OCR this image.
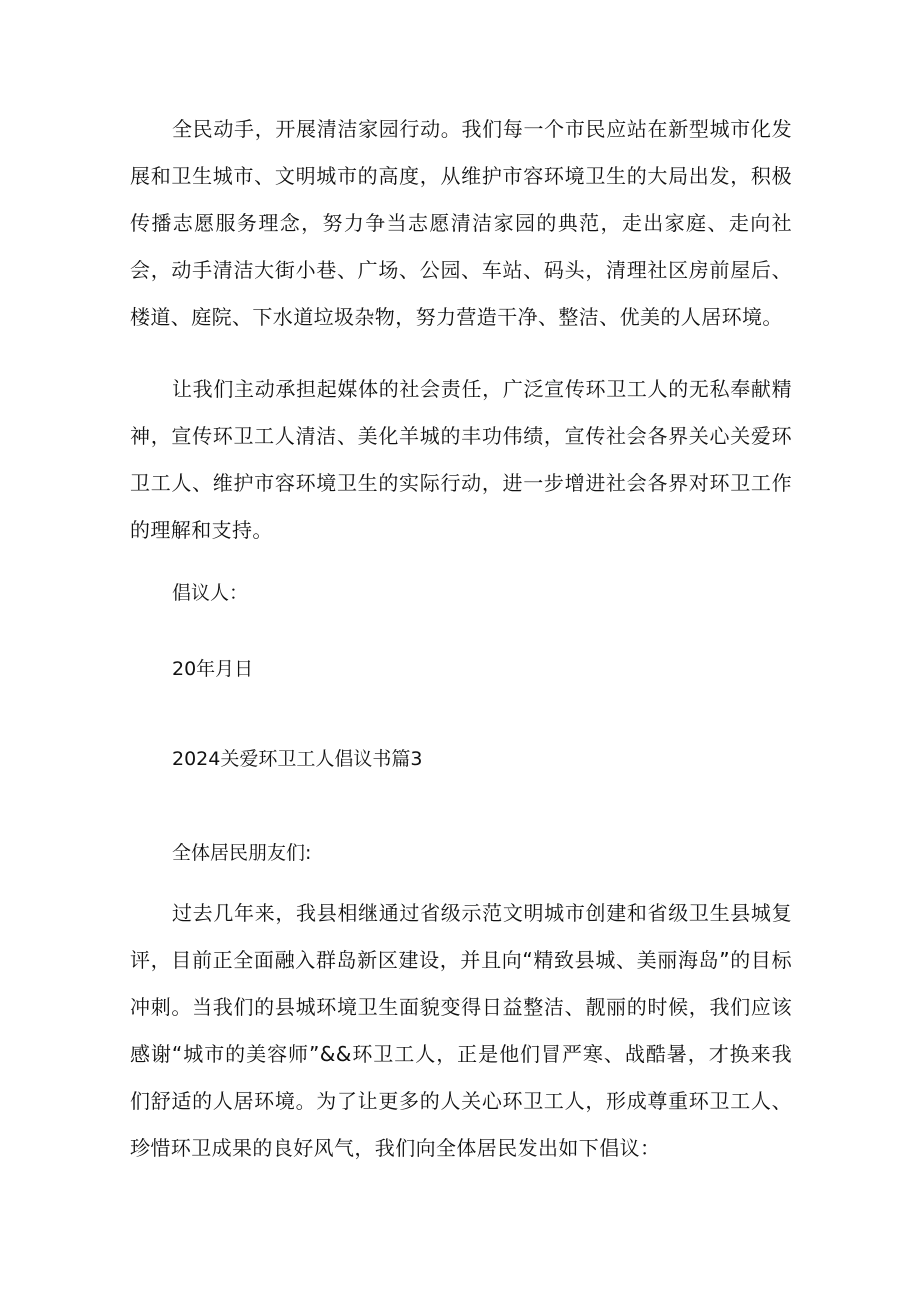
全民动手，开展清洁家园行动。我们每一个市民应站在新型城市化发展和卫生城市、文明城市的高度，从维护市容环境卫生的大局出发，积极传播志愿服务理念，努力争当志愿清洁家园的典范，走出家庭、走向社会，动手清洁大街小巷、广场、公园、车站、码头，清理社区房前屋后、楼道、庭院、下水道垃圾杂物，努力营造干净、整洁、优美的人居环境。

让我们主动承担起媒体的社会责任，广泛宣传环卫工人的无私奉献精神，宣传环卫工人清洁、美化羊城的丰功伟绩，宣传社会各界关心关爱环卫工人、维护市容环境卫生的实际行动，进一步增进社会各界对环卫工作的理解和支持。

倡议人：

20年月日

2024关爱环卫工人倡议书篇3

全体居民朋友们:

过去几年来，我县相继通过省级示范文明城市创建和省级卫生县城复评，目前正全面融入群岛新区建设，并且向“精致县城、美丽海岛”的目标冲刺。当我们的县城环境卫生面貌变得日益整洁、靓丽的时候，我们应该感谢“城市的美容师”&&环卫工人，正是他们冒严寒、战酷暑，才换来我们舒适的人居环境。为了让更多的人关心环卫工人，形成尊重环卫工人、珍惜环卫成果的良好风气，我们向全体居民发出如下倡议：
